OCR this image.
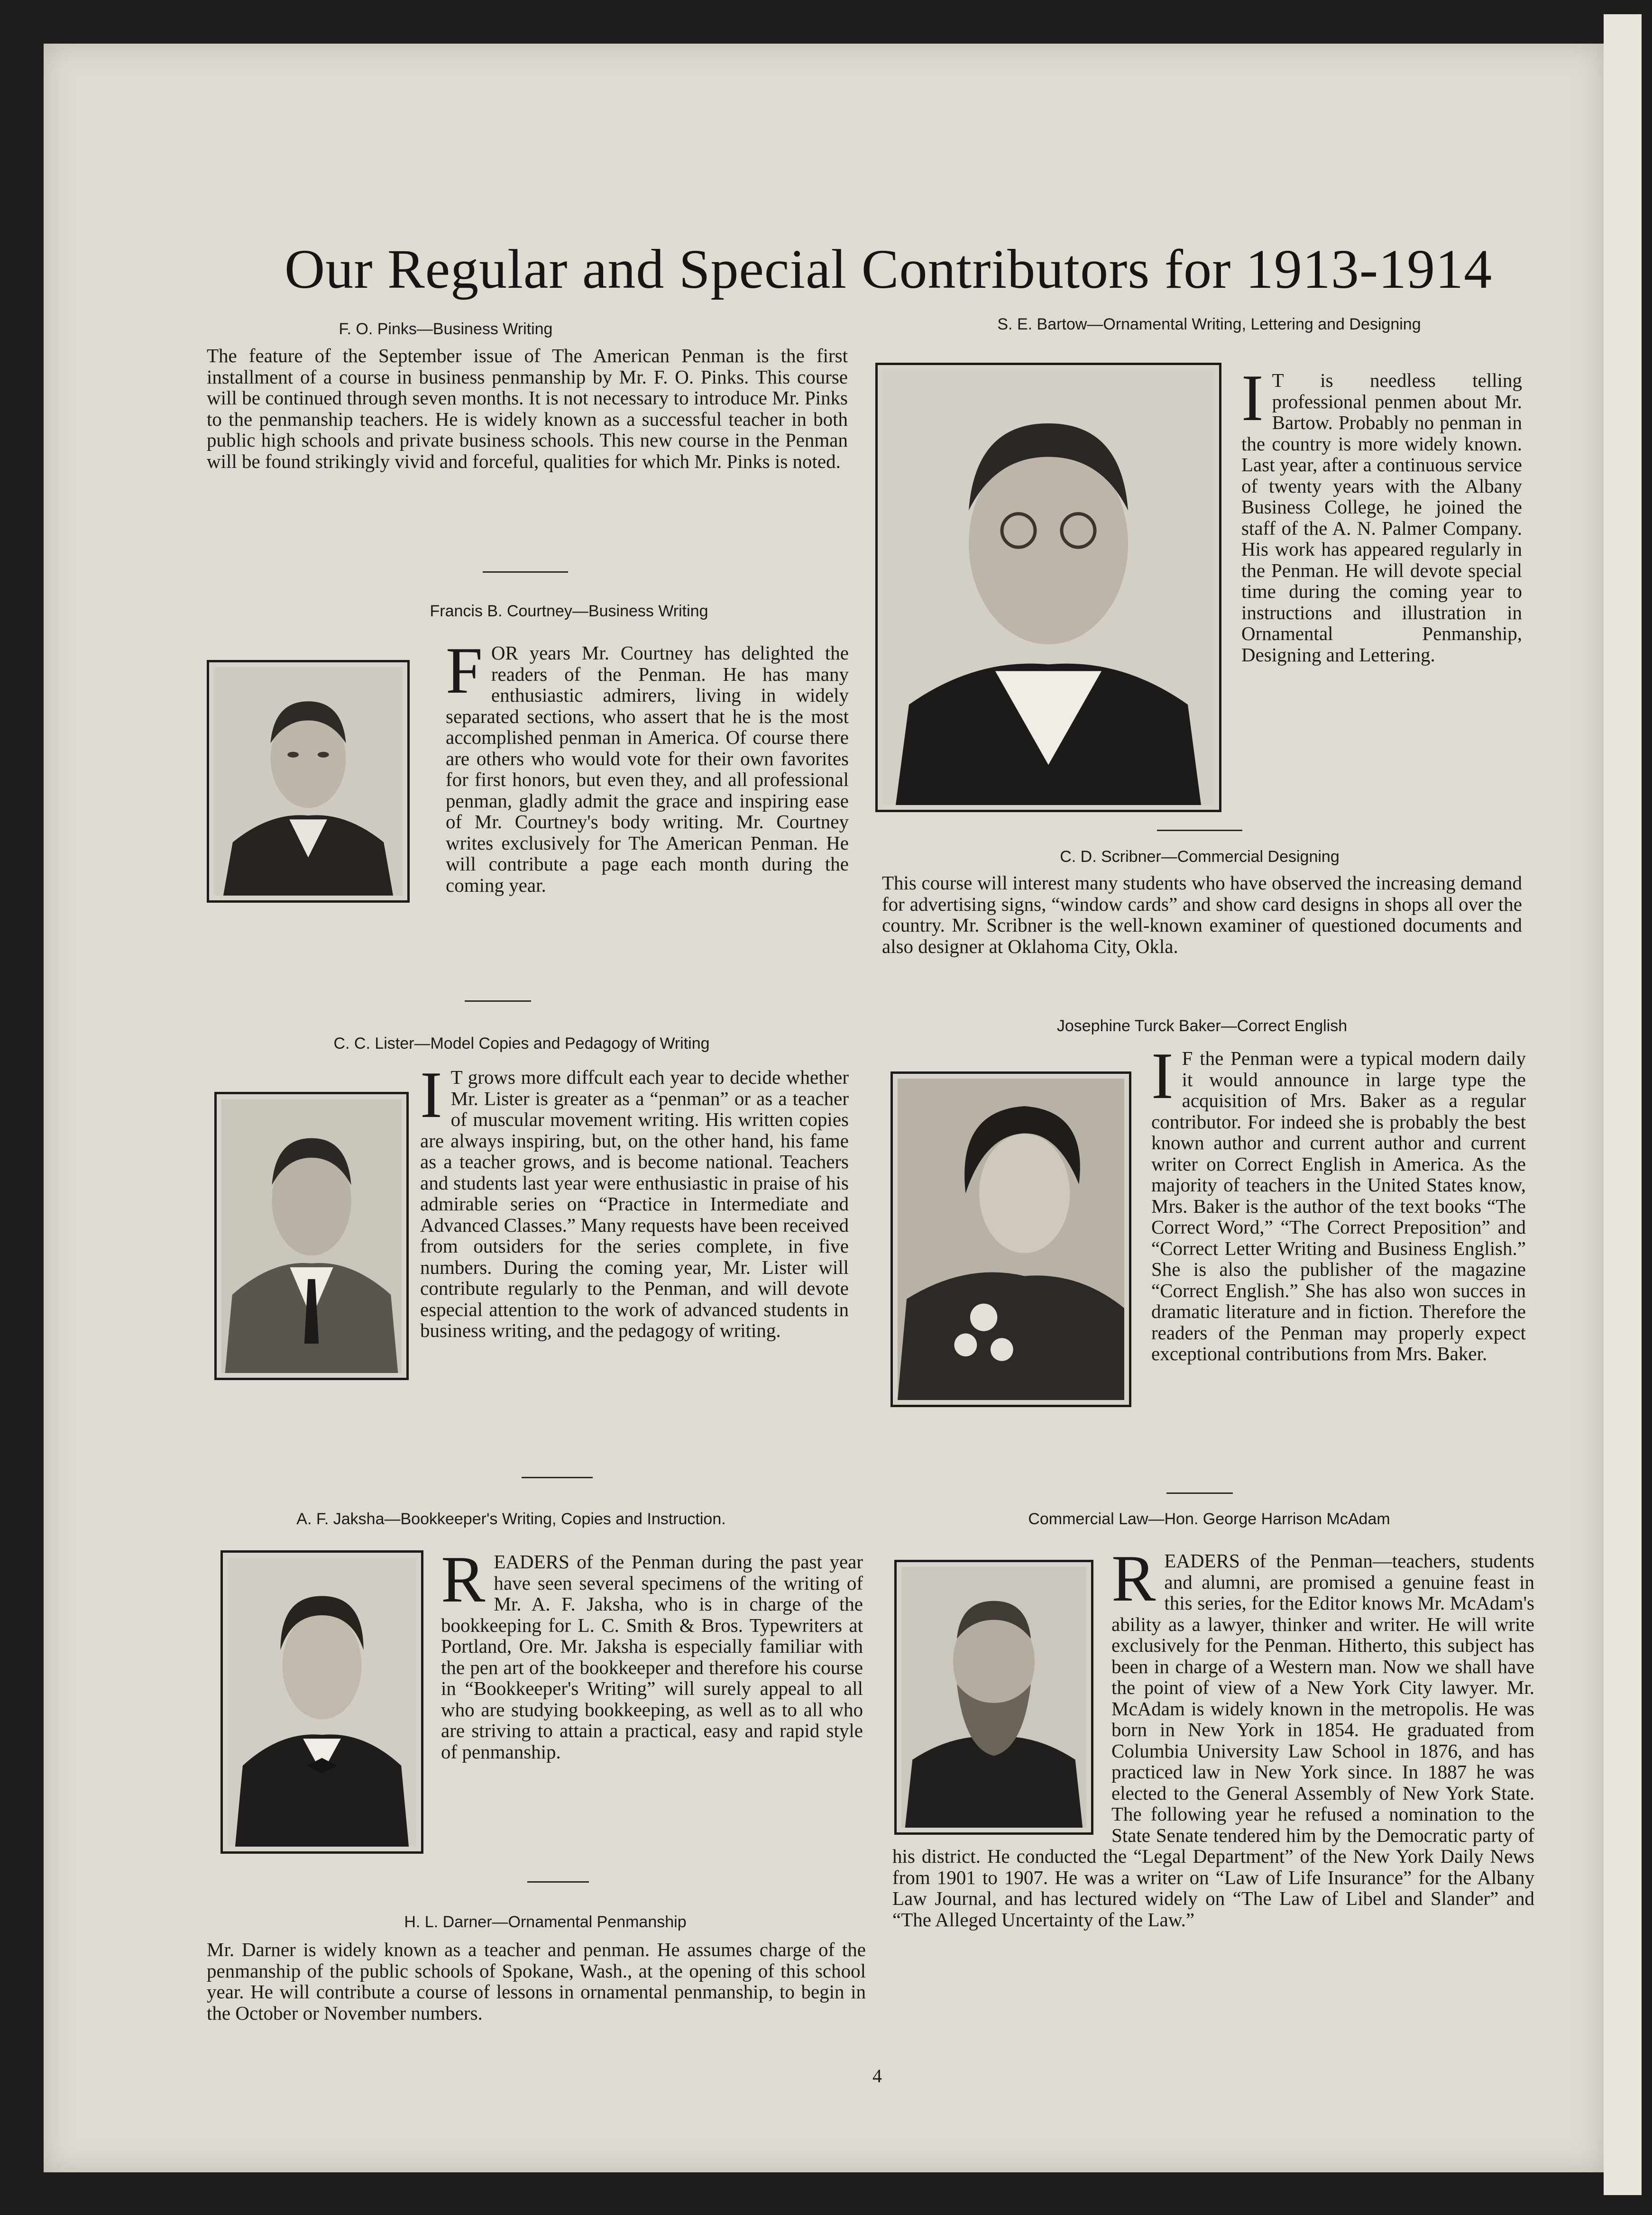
Our Regular and Special Contributors for 1913-1914
F. O. Pinks—Business Writing
The feature of the September issue of The American Penman is the first installment of a course in business penmanship by Mr. F. O. Pinks. This course will be continued through seven months. It is not necessary to introduce Mr. Pinks to the penmanship teachers. He is widely known as a successful teacher in both public high schools and private business schools. This new course in the Penman will be found strikingly vivid and forceful, qualities for which Mr. Pinks is noted.
Francis B. Courtney—Business Writing
FOR years Mr. Courtney has delighted the readers of the Penman. He has many enthusiastic admirers, living in widely separated sections, who assert that he is the most accomplished penman in America. Of course there are others who would vote for their own favorites for first honors, but even they, and all professional penman, gladly admit the grace and inspiring ease of Mr. Courtney's body writing. Mr. Courtney writes exclusively for The American Penman. He will contribute a page each month during the coming year.
C. C. Lister—Model Copies and Pedagogy of Writing
I T grows more diffcult each year to decide whether Mr. Lister is greater as a “penman” or as a teacher of muscular movement writing. His written copies are always inspiring, but, on the other hand, his fame as a teacher grows, and is become national. Teachers and students last year were enthusiastic in praise of his admirable series on “Practice in Intermediate and Advanced Classes.” Many requests have been received from outsiders for the series complete, in five numbers. During the coming year, Mr. Lister will contribute regularly to the Penman, and will devote especial attention to the work of advanced students in business writing, and the pedagogy of writing.
A. F. Jaksha—Bookkeeper's Writing, Copies and Instruction.
READERS of the Penman during the past year have seen several specimens of the writing of Mr. A. F. Jaksha, who is in charge of the bookkeeping for L. C. Smith & Bros. Typewriters at Portland, Ore. Mr. Jaksha is especially familiar with the pen art of the bookkeeper and therefore his course in “Bookkeeper's Writing” will surely appeal to all who are studying bookkeeping, as well as to all who are striving to attain a practical, easy and rapid style of penmanship.
H. L. Darner—Ornamental Penmanship
Mr. Darner is widely known as a teacher and penman. He assumes charge of the penmanship of the public schools of Spokane, Wash., at the opening of this school year. He will contribute a course of lessons in ornamental penmanship, to begin in the October or November numbers.
S. E. Bartow—Ornamental Writing, Lettering and Designing
I T is needless telling professional penmen about Mr. Bartow. Probably no penman in the country is more widely known. Last year, after a continuous service of twenty years with the Albany Business College, he joined the staff of the A. N. Palmer Company. His work has appeared regularly in the Penman. He will devote special time during the coming year to instructions and illustration in Ornamental Penmanship, Designing and Lettering.
C. D. Scribner—Commercial Designing
This course will interest many students who have observed the increasing demand for advertising signs, “window cards” and show card designs in shops all over the country. Mr. Scribner is the well-known examiner of questioned documents and also designer at Oklahoma City, Okla.
Josephine Turck Baker—Correct English
I F the Penman were a typical modern daily it would announce in large type the acquisition of Mrs. Baker as a regular contributor. For indeed she is probably the best known author and current author and current writer on Correct English in America. As the majority of teachers in the United States know, Mrs. Baker is the author of the text books “The Correct Word,” “The Correct Preposition” and “Correct Letter Writing and Business English.” She is also the publisher of the magazine “Correct English.” She has also won succes in dramatic literature and in fiction. Therefore the readers of the Penman may properly expect exceptional contributions from Mrs. Baker.
Commercial Law—Hon. George Harrison McAdam
READERS of the Penman—teachers, students and alumni, are promised a genuine feast in this series, for the Editor knows Mr. McAdam's ability as a lawyer, thinker and writer. He will write exclusively for the Penman. Hitherto, this subject has been in charge of a Western man. Now we shall have the point of view of a New York City lawyer. Mr. McAdam is widely known in the metropolis. He was born in New York in 1854. He graduated from Columbia University Law School in 1876, and has practiced law in New York since. In 1887 he was elected to the General Assembly of New York State. The following year he refused a nomination to the State Senate tendered him by the Democratic party of his district. He conducted the “Legal Department” of the New York Daily News from 1901 to 1907. He was a writer on “Law of Life Insurance” for the Albany Law Journal, and has lectured widely on “The Law of Libel and Slander” and “The Alleged Uncertainty of the Law.”
4
